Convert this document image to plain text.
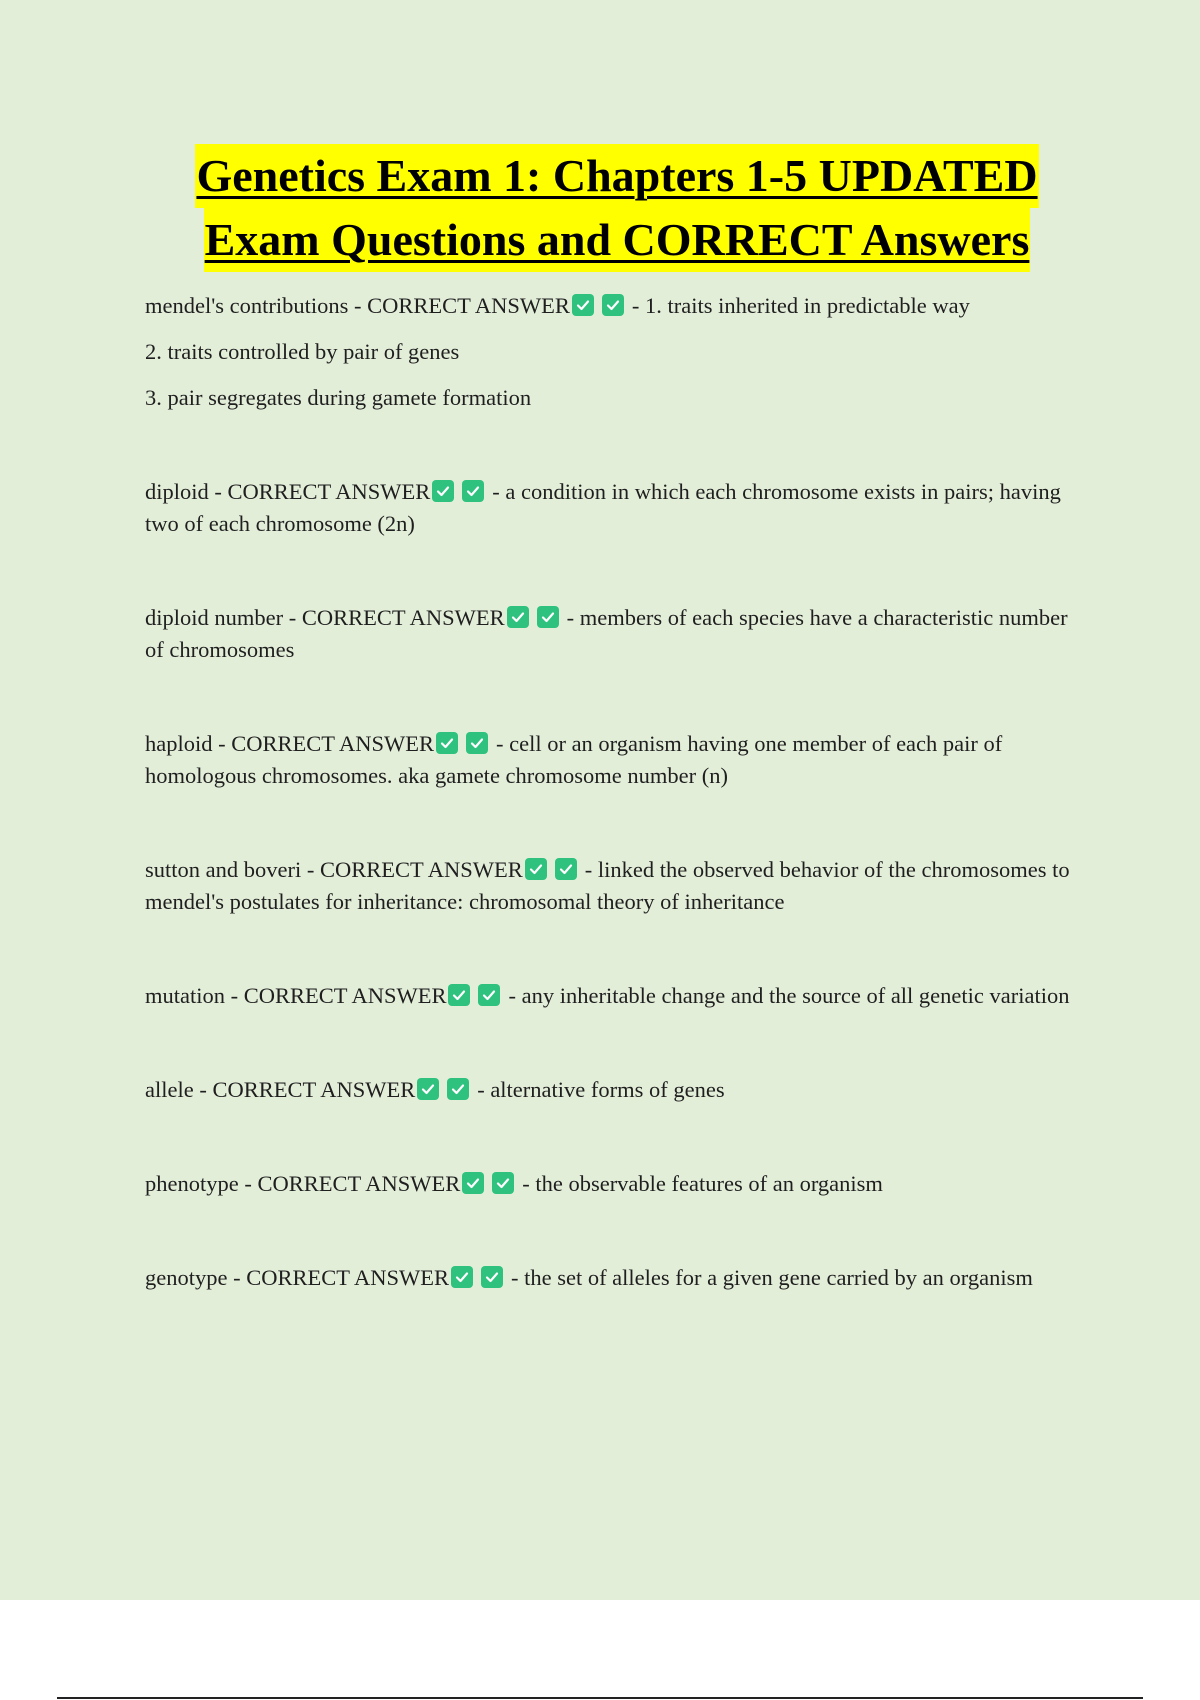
Genetics Exam 1: Chapters 1-5 UPDATED
Exam Questions and CORRECT Answers

mendel's contributions - CORRECT ANSWER	- 1. traits inherited in predictable way

2. traits controlled by pair of genes

3. pair segregates during gamete formation

diploid - CORRECT ANSWER	- a condition in which each chromosome exists in pairs; having two of each chromosome (2n)

diploid number - CORRECT ANSWER	- members of each species have a characteristic number of chromosomes

haploid - CORRECT ANSWER	- cell or an organism having one member of each pair of homologous chromosomes. aka gamete chromosome number (n)

sutton and boveri - CORRECT ANSWER	- linked the observed behavior of the chromosomes to mendel's postulates for inheritance: chromosomal theory of inheritance

mutation - CORRECT ANSWER	- any inheritable change and the source of all genetic variation

allele - CORRECT ANSWER	- alternative forms of genes

phenotype - CORRECT ANSWER	- the observable features of an organism

genotype - CORRECT ANSWER	- the set of alleles for a given gene carried by an organism
